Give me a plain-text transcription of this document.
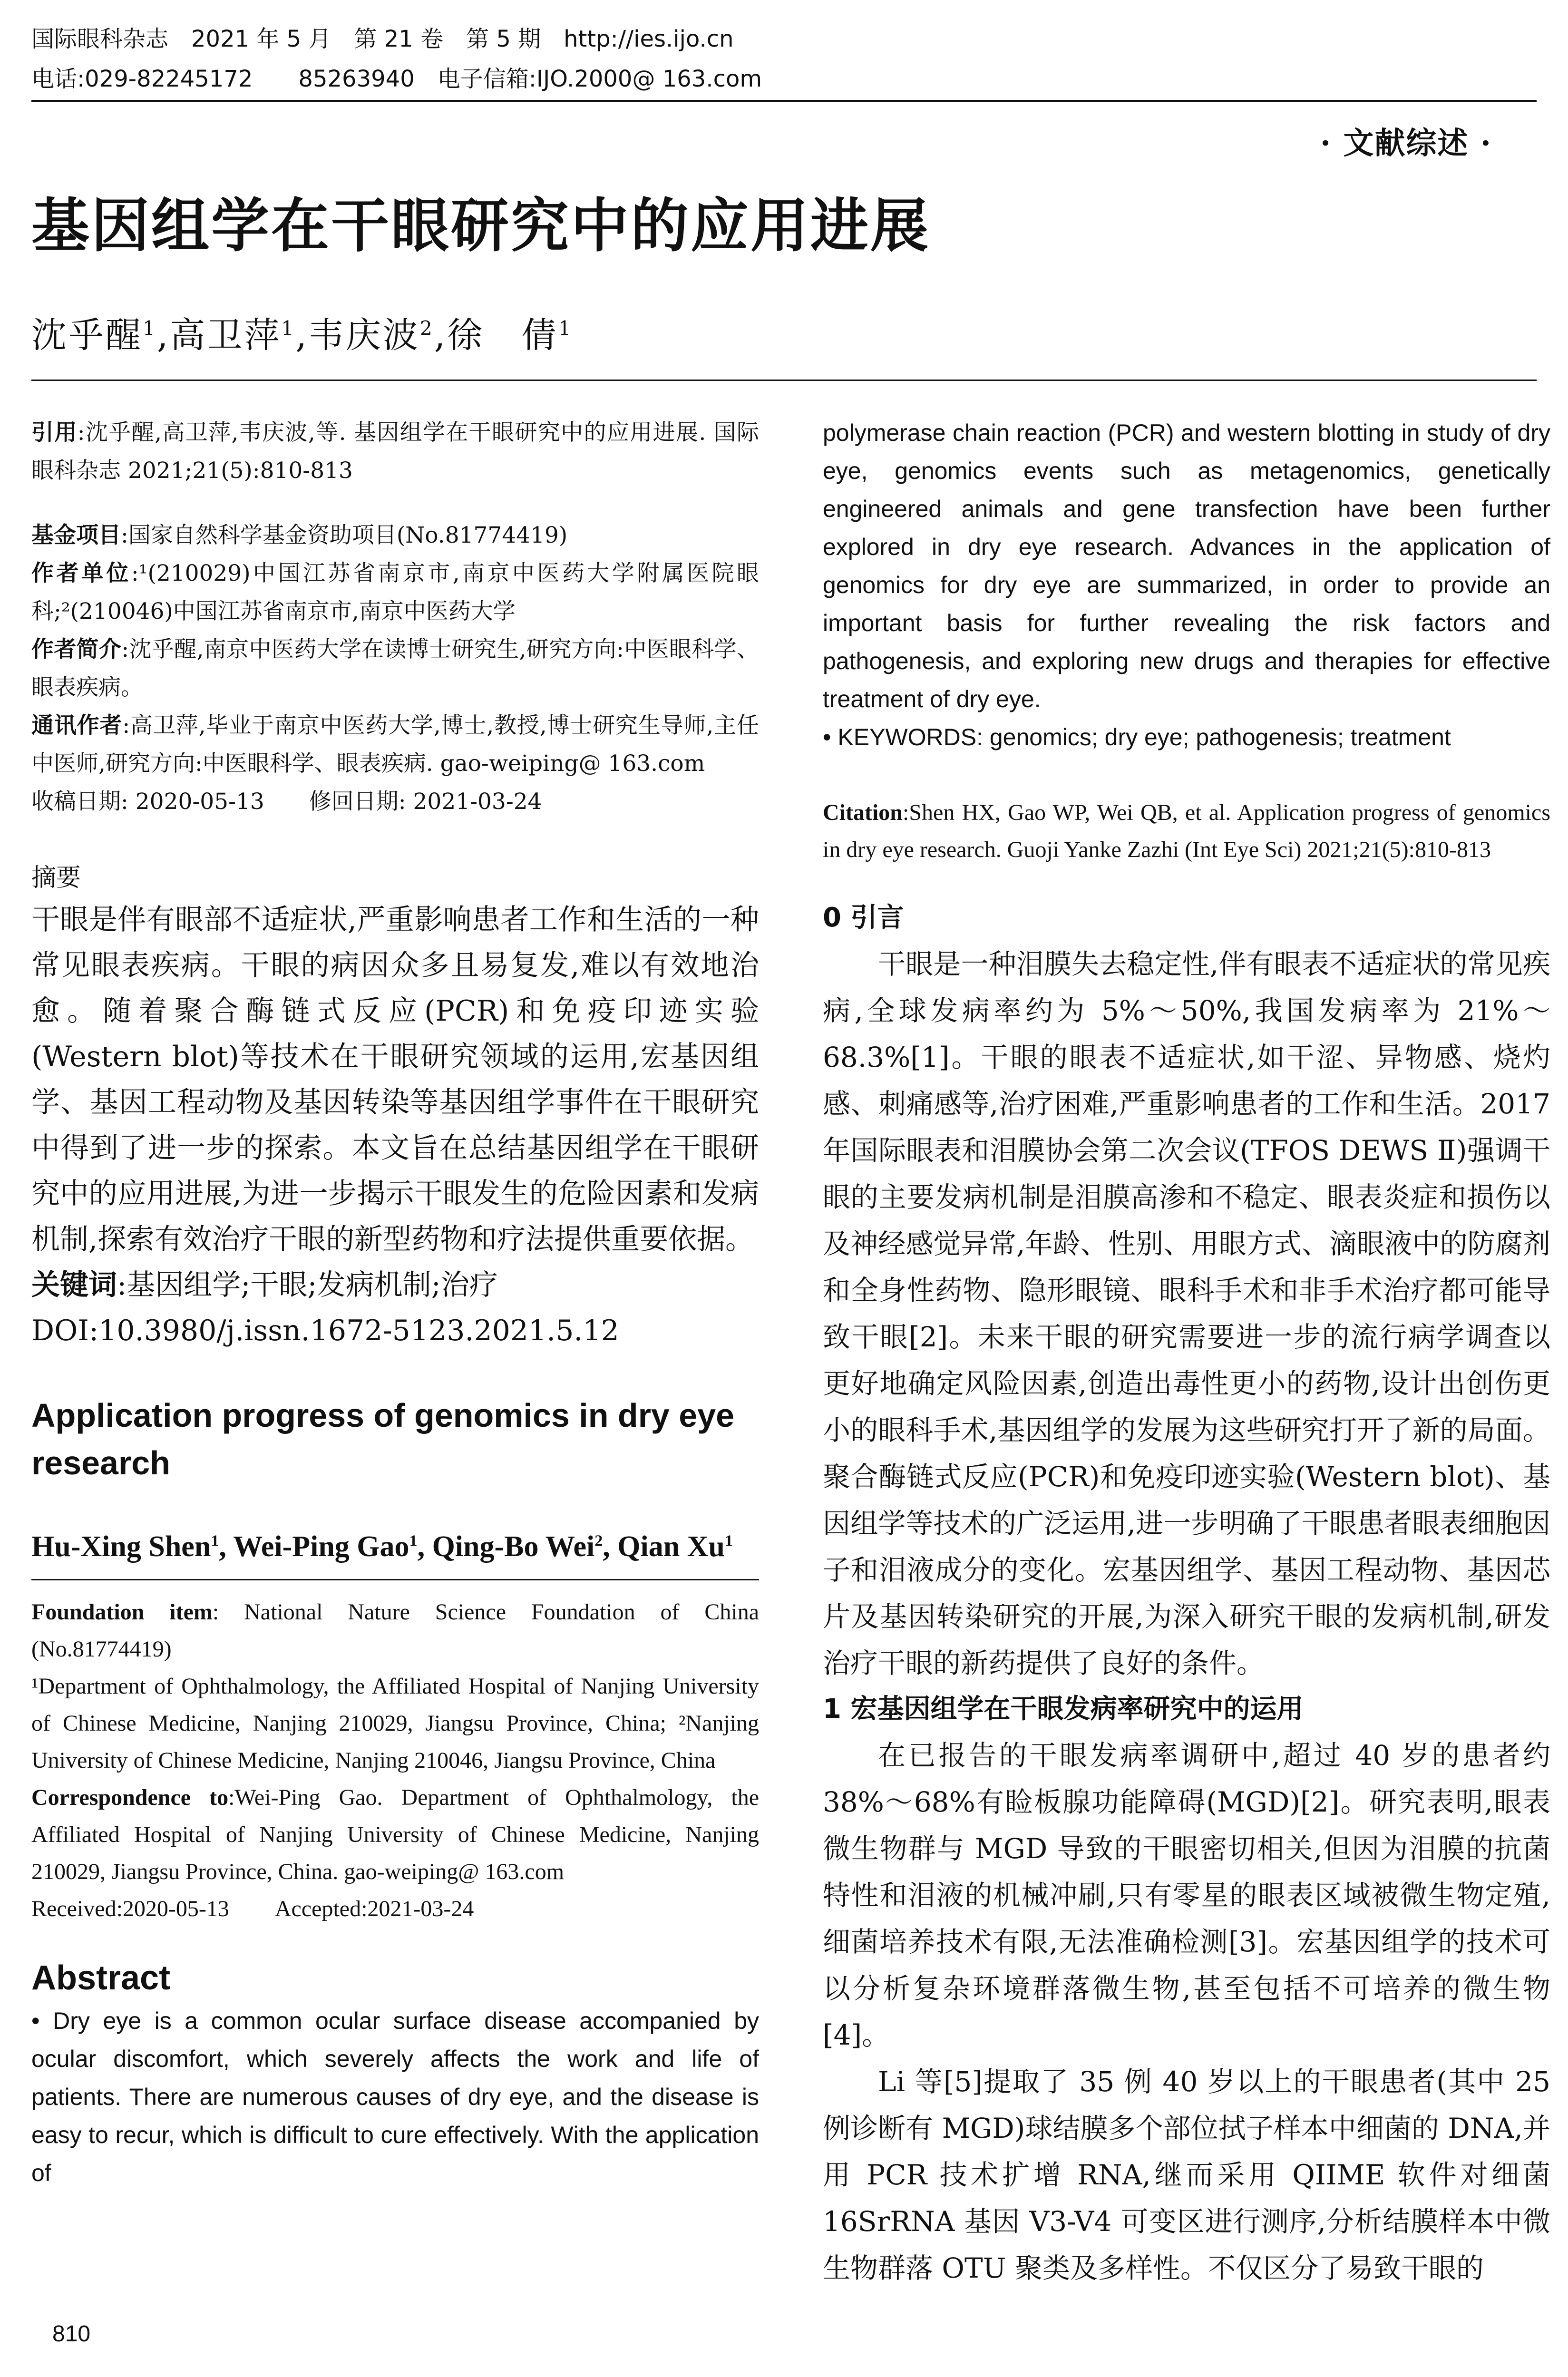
国际眼科杂志　2021 年 5 月　第 21 卷　第 5 期　http://ies.ijo.cn
电话:029-82245172　　85263940　电子信箱:IJO.2000@ 163.com
· 文献综述 ·
基因组学在干眼研究中的应用进展
沈乎醒$^1$,高卫萍$^1$,韦庆波$^2$,徐　倩$^1$

引用:沈乎醒,高卫萍,韦庆波,等. 基因组学在干眼研究中的应用进展. 国际眼科杂志 2021;21(5):810-813

基金项目:国家自然科学基金资助项目(No.81774419)

作者单位:¹(210029)中国江苏省南京市,南京中医药大学附属医院眼科;²(210046)中国江苏省南京市,南京中医药大学

作者简介:沈乎醒,南京中医药大学在读博士研究生,研究方向:中医眼科学、眼表疾病。

通讯作者:高卫萍,毕业于南京中医药大学,博士,教授,博士研究生导师,主任中医师,研究方向:中医眼科学、眼表疾病. gao-weiping@ 163.com

收稿日期: 2020-05-13　　修回日期: 2021-03-24

摘要

干眼是伴有眼部不适症状,严重影响患者工作和生活的一种常见眼表疾病。干眼的病因众多且易复发,难以有效地治愈。随着聚合酶链式反应(PCR)和免疫印迹实验(Western blot)等技术在干眼研究领域的运用,宏基因组学、基因工程动物及基因转染等基因组学事件在干眼研究中得到了进一步的探索。本文旨在总结基因组学在干眼研究中的应用进展,为进一步揭示干眼发生的危险因素和发病机制,探索有效治疗干眼的新型药物和疗法提供重要依据。

关键词:基因组学;干眼;发病机制;治疗

DOI:10.3980/j.issn.1672-5123.2021.5.12

Application progress of genomics in dry eye research

Hu-Xing Shen$^1$, Wei-Ping Gao$^1$, Qing-Bo Wei$^2$, Qian Xu$^1$

Foundation item: National Nature Science Foundation of China (No.81774419)

¹Department of Ophthalmology, the Affiliated Hospital of Nanjing University of Chinese Medicine, Nanjing 210029, Jiangsu Province, China; ²Nanjing University of Chinese Medicine, Nanjing 210046, Jiangsu Province, China

Correspondence to:Wei-Ping Gao. Department of Ophthalmology, the Affiliated Hospital of Nanjing University of Chinese Medicine, Nanjing 210029, Jiangsu Province, China. gao-weiping@ 163.com

Received:2020-05-13　　Accepted:2021-03-24

Abstract

• Dry eye is a common ocular surface disease accompanied by ocular discomfort, which severely affects the work and life of patients. There are numerous causes of dry eye, and the disease is easy to recur, which is difficult to cure effectively. With the application of

polymerase chain reaction (PCR) and western blotting in study of dry eye, genomics events such as metagenomics, genetically engineered animals and gene transfection have been further explored in dry eye research. Advances in the application of genomics for dry eye are summarized, in order to provide an important basis for further revealing the risk factors and pathogenesis, and exploring new drugs and therapies for effective treatment of dry eye.

• KEYWORDS: genomics; dry eye; pathogenesis; treatment

Citation:Shen HX, Gao WP, Wei QB, et al. Application progress of genomics in dry eye research. Guoji Yanke Zazhi (Int Eye Sci) 2021;21(5):810-813

0 引言

干眼是一种泪膜失去稳定性,伴有眼表不适症状的常见疾病,全球发病率约为 5%～50%,我国发病率为 21%～68.3%[1]。干眼的眼表不适症状,如干涩、异物感、烧灼感、刺痛感等,治疗困难,严重影响患者的工作和生活。2017 年国际眼表和泪膜协会第二次会议(TFOS DEWS Ⅱ)强调干眼的主要发病机制是泪膜高渗和不稳定、眼表炎症和损伤以及神经感觉异常,年龄、性别、用眼方式、滴眼液中的防腐剂和全身性药物、隐形眼镜、眼科手术和非手术治疗都可能导致干眼[2]。未来干眼的研究需要进一步的流行病学调查以更好地确定风险因素,创造出毒性更小的药物,设计出创伤更小的眼科手术,基因组学的发展为这些研究打开了新的局面。聚合酶链式反应(PCR)和免疫印迹实验(Western blot)、基因组学等技术的广泛运用,进一步明确了干眼患者眼表细胞因子和泪液成分的变化。宏基因组学、基因工程动物、基因芯片及基因转染研究的开展,为深入研究干眼的发病机制,研发治疗干眼的新药提供了良好的条件。

1 宏基因组学在干眼发病率研究中的运用

在已报告的干眼发病率调研中,超过 40 岁的患者约 38%～68%有睑板腺功能障碍(MGD)[2]。研究表明,眼表微生物群与 MGD 导致的干眼密切相关,但因为泪膜的抗菌特性和泪液的机械冲刷,只有零星的眼表区域被微生物定殖,细菌培养技术有限,无法准确检测[3]。宏基因组学的技术可以分析复杂环境群落微生物,甚至包括不可培养的微生物[4]。

Li 等[5]提取了 35 例 40 岁以上的干眼患者(其中 25 例诊断有 MGD)球结膜多个部位拭子样本中细菌的 DNA,并用 PCR 技术扩增 RNA,继而采用 QIIME 软件对细菌 16SrRNA 基因 V3-V4 可变区进行测序,分析结膜样本中微生物群落 OTU 聚类及多样性。不仅区分了易致干眼的

810
